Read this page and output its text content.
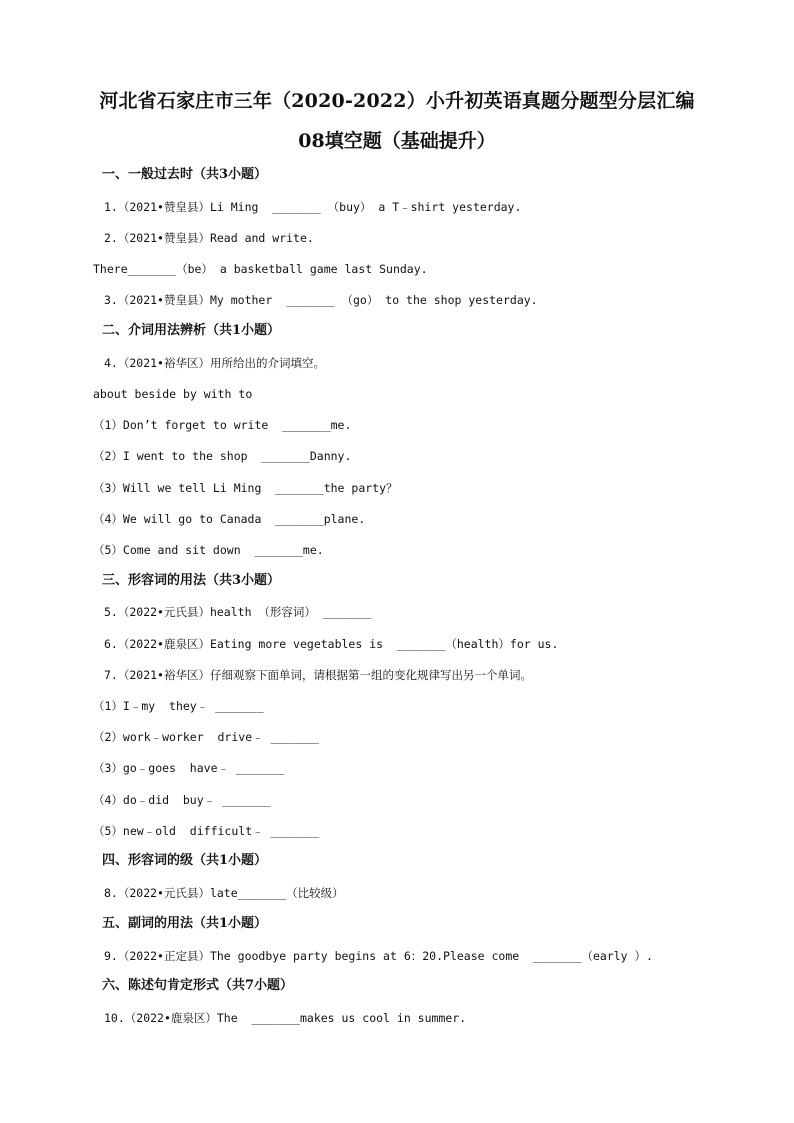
河北省石家庄市三年（2020-2022）小升初英语真题分题型分层汇编
08填空题（基础提升）
一、一般过去时（共3小题）
1.（2021•赞皇县）Li Ming  _______ （buy） a T﹣shirt yesterday.
2.（2021•赞皇县）Read and write.
There_______（be） a basketball game last Sunday.
3.（2021•赞皇县）My mother  _______ （go） to the shop yesterday.
二、介词用法辨析（共1小题）
4.（2021•裕华区）用所给出的介词填空。
about beside by with to
（1）Don’t forget to write  _______me.
（2）I went to the shop  _______Danny.
（3）Will we tell Li Ming  _______the party？
（4）We will go to Canada  _______plane.
（5）Come and sit down  _______me.
三、形容词的用法（共3小题）
5.（2022•元氏县）health （形容词） _______
6.（2022•鹿泉区）Eating more vegetables is  _______（health）for us.
7.（2021•裕华区）仔细观察下面单词，请根据第一组的变化规律写出另一个单词。
（1）I﹣my  they﹣ _______
（2）work﹣worker  drive﹣ _______
（3）go﹣goes  have﹣ _______
（4）do﹣did  buy﹣ _______
（5）new﹣old  difficult﹣ _______
四、形容词的级（共1小题）
8.（2022•元氏县）late_______（比较级）
五、副词的用法（共1小题）
9.（2022•正定县）The goodbye party begins at 6：20.Please come  _______（early ）.
六、陈述句肯定形式（共7小题）
10.（2022•鹿泉区）The  _______makes us cool in summer.
